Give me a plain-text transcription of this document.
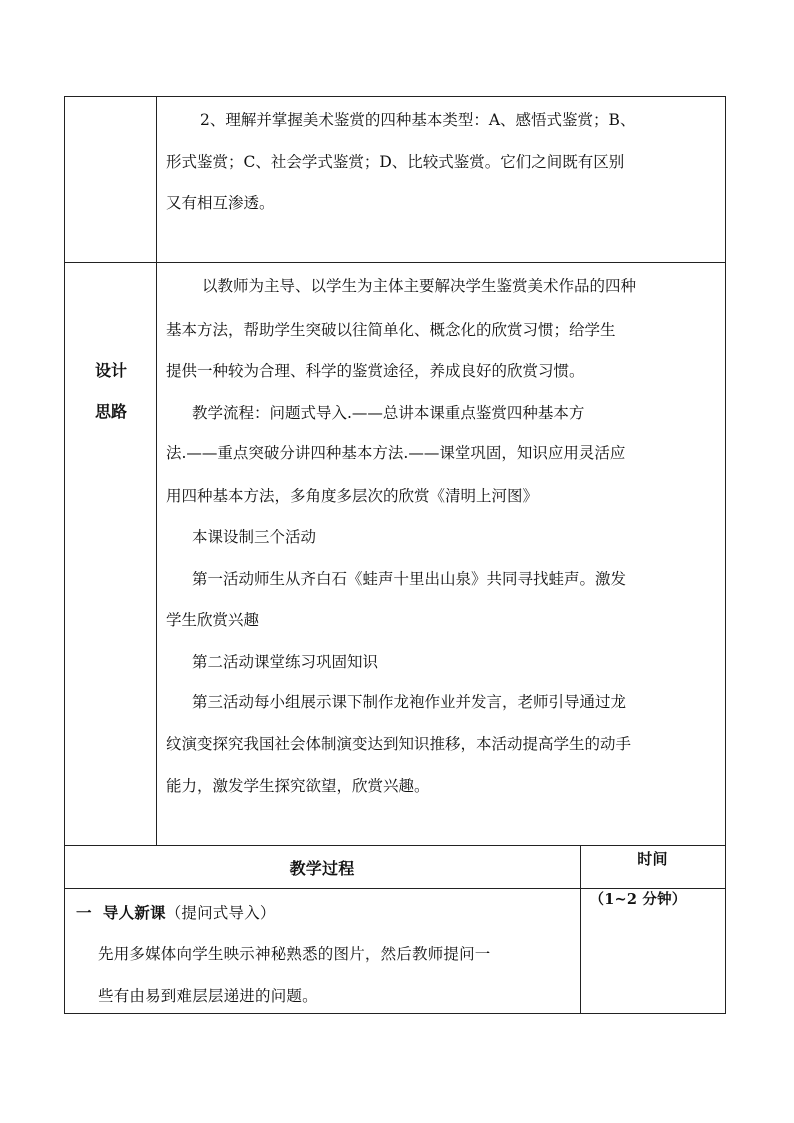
2、理解并掌握美术鉴赏的四种基本类型：A、感悟式鉴赏；B、
形式鉴赏；C、社会学式鉴赏；D、比较式鉴赏。它们之间既有区别
又有相互渗透。
设计
思路
以教师为主导、以学生为主体主要解决学生鉴赏美术作品的四种
基本方法，帮助学生突破以往简单化、概念化的欣赏习惯；给学生
提供一种较为合理、科学的鉴赏途径，养成良好的欣赏习惯。
教学流程：问题式导入.——总讲本课重点鉴赏四种基本方
法.——重点突破分讲四种基本方法.——课堂巩固，知识应用灵活应
用四种基本方法，多角度多层次的欣赏《清明上河图》
本课设制三个活动
第一活动师生从齐白石《蛙声十里出山泉》共同寻找蛙声。激发
学生欣赏兴趣
第二活动课堂练习巩固知识
第三活动每小组展示课下制作龙袍作业并发言，老师引导通过龙
纹演变探究我国社会体制演变达到知识推移，本活动提高学生的动手
能力，激发学生探究欲望，欣赏兴趣。
教学过程	时间
一  导人新课（提问式导入）
（1~2 分钟）
先用多媒体向学生映示神秘熟悉的图片，然后教师提问一
些有由易到难层层递进的问题。
